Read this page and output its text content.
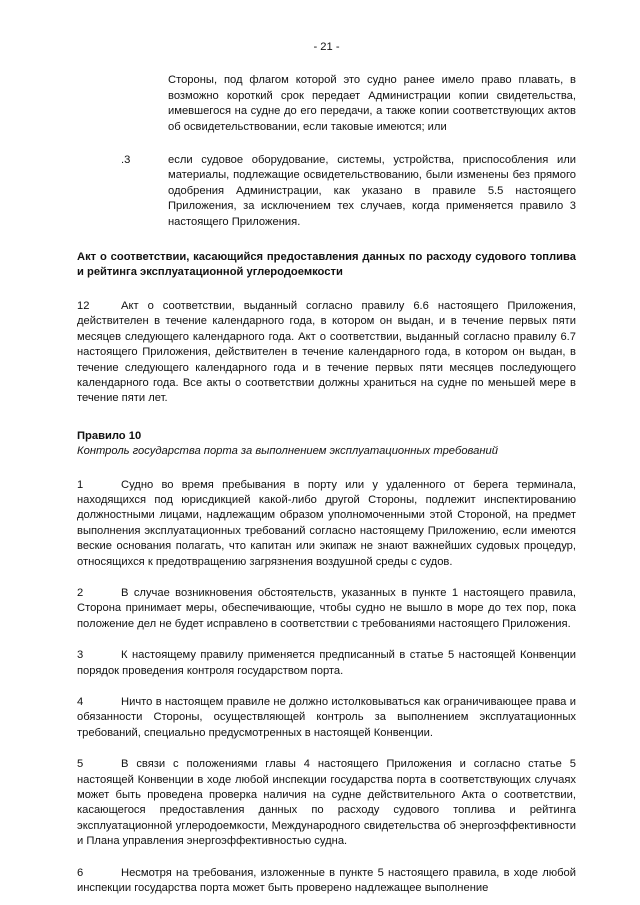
- 21 -

Стороны, под флагом которой это судно ранее имело право плавать, в возможно короткий срок передает Администрации копии свидетельства, имевшегося на судне до его передачи, а также копии соответствующих актов об освидетельствовании, если таковые имеются; или

.3	если судовое оборудование, системы, устройства, приспособления или материалы, подлежащие освидетельствованию, были изменены без прямого одобрения Администрации, как указано в правиле 5.5 настоящего Приложения, за исключением тех случаев, когда применяется правило 3 настоящего Приложения.

Акт о соответствии, касающийся предоставления данных по расходу судового топлива и рейтинга эксплуатационной углеродоемкости

12	Акт о соответствии, выданный согласно правилу 6.6 настоящего Приложения, действителен в течение календарного года, в котором он выдан, и в течение первых пяти месяцев следующего календарного года. Акт о соответствии, выданный согласно правилу 6.7 настоящего Приложения, действителен в течение календарного года, в котором он выдан, в течение следующего календарного года и в течение первых пяти месяцев последующего календарного года. Все акты о соответствии должны храниться на судне по меньшей мере в течение пяти лет.

Правило 10

Контроль государства порта за выполнением эксплуатационных требований

1	Судно во время пребывания в порту или у удаленного от берега терминала, находящихся под юрисдикцией какой-либо другой Стороны, подлежит инспектированию должностными лицами, надлежащим образом уполномоченными этой Стороной, на предмет выполнения эксплуатационных требований согласно настоящему Приложению, если имеются веские основания полагать, что капитан или экипаж не знают важнейших судовых процедур, относящихся к предотвращению загрязнения воздушной среды с судов.

2	В случае возникновения обстоятельств, указанных в пункте 1 настоящего правила, Сторона принимает меры, обеспечивающие, чтобы судно не вышло в море до тех пор, пока положение дел не будет исправлено в соответствии с требованиями настоящего Приложения.

3	К настоящему правилу применяется предписанный в статье 5 настоящей Конвенции порядок проведения контроля государством порта.

4	Ничто в настоящем правиле не должно истолковываться как ограничивающее права и обязанности Стороны, осуществляющей контроль за выполнением эксплуатационных требований, специально предусмотренных в настоящей Конвенции.

5	В связи с положениями главы 4 настоящего Приложения и согласно статье 5 настоящей Конвенции в ходе любой инспекции государства порта в соответствующих случаях может быть проведена проверка наличия на судне действительного Акта о соответствии, касающегося предоставления данных по расходу судового топлива и рейтинга эксплуатационной углеродоемкости, Международного свидетельства об энергоэффективности и Плана управления энергоэффективностью судна.

6	Несмотря на требования, изложенные в пункте 5 настоящего правила, в ходе любой инспекции государства порта может быть проверено надлежащее выполнение
